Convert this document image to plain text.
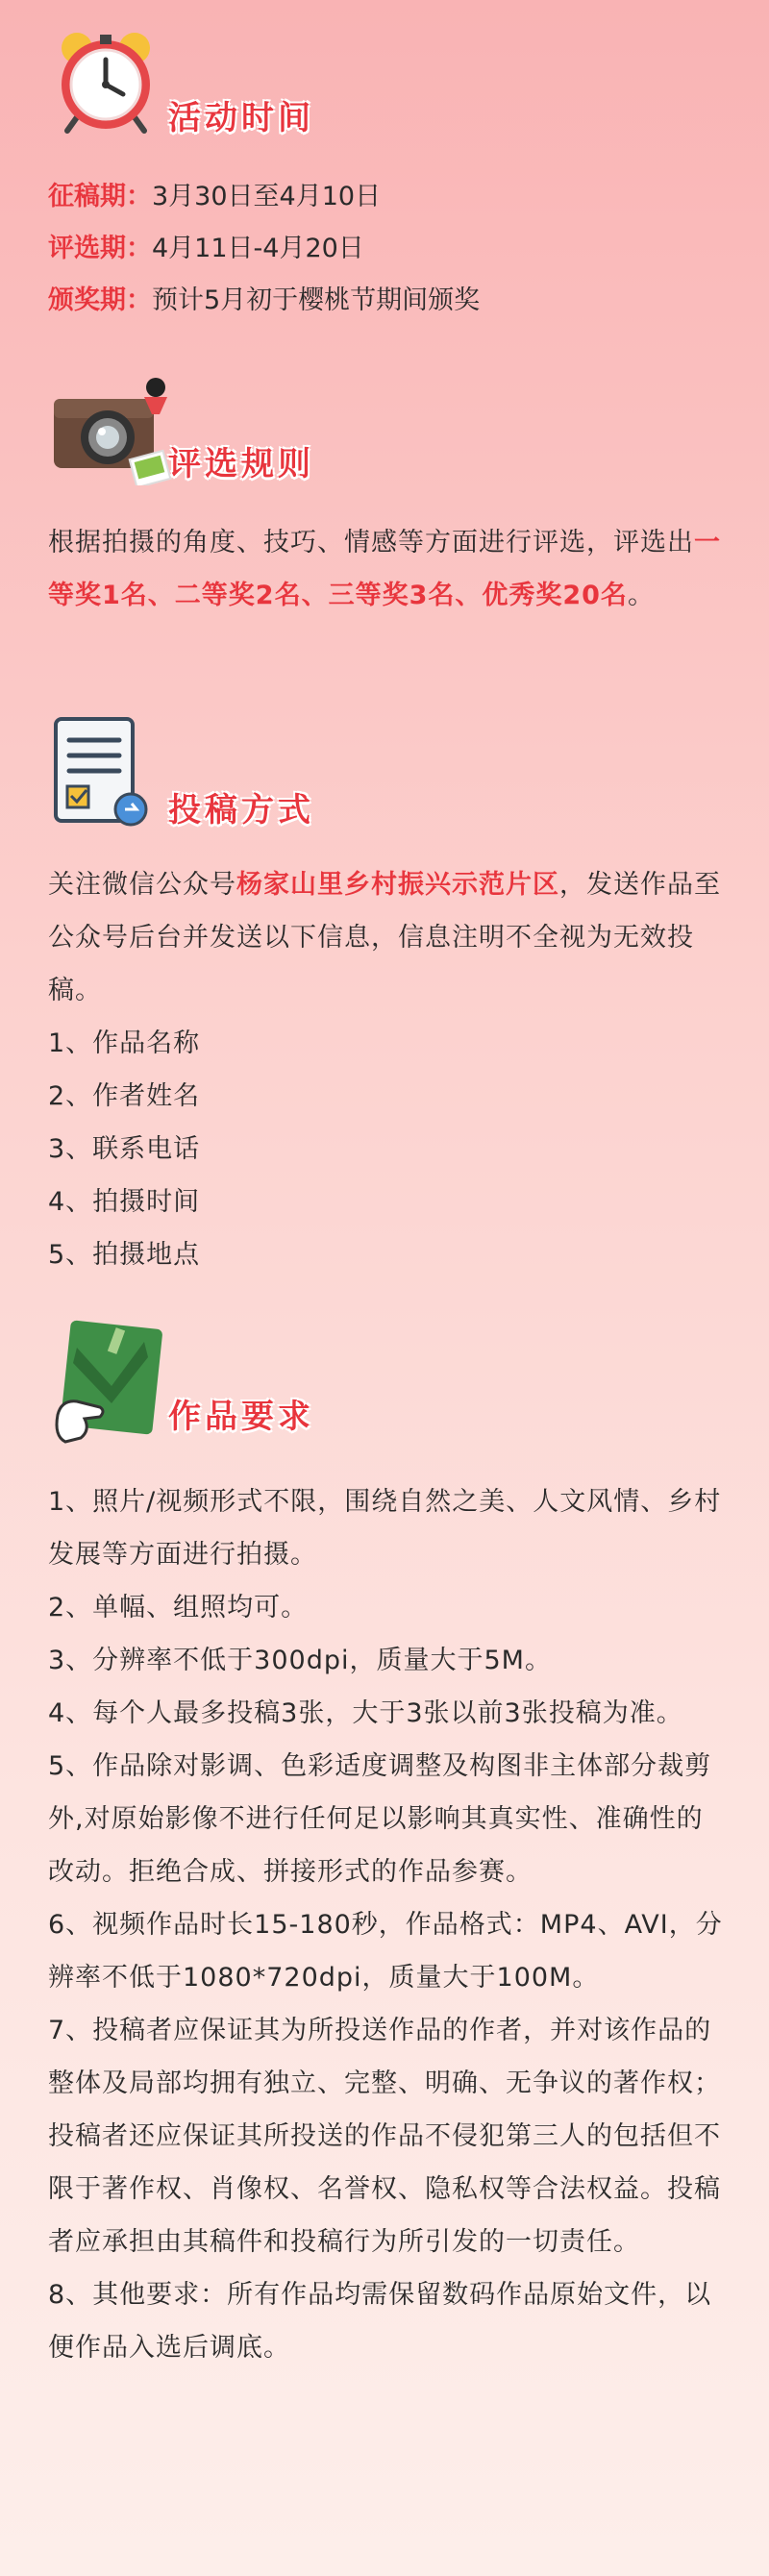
活动时间
征稿期：3月30日至4月10日
评选期：4月11日-4月20日
颁奖期：预计5月初于樱桃节期间颁奖
评选规则
根据拍摄的角度、技巧、情感等方面进行评选，评选出一等奖1名、二等奖2名、三等奖3名、优秀奖20名。
投稿方式
关注微信公众号杨家山里乡村振兴示范片区，发送作品至公众号后台并发送以下信息，信息注明不全视为无效投稿。
1、作品名称
2、作者姓名
3、联系电话
4、拍摄时间
5、拍摄地点
作品要求
1、照片/视频形式不限，围绕自然之美、人文风情、乡村发展等方面进行拍摄。
2、单幅、组照均可。
3、分辨率不低于300dpi，质量大于5M。
4、每个人最多投稿3张，大于3张以前3张投稿为准。
5、作品除对影调、色彩适度调整及构图非主体部分裁剪外,对原始影像不进行任何足以影响其真实性、准确性的改动。拒绝合成、拼接形式的作品参赛。
6、视频作品时长15-180秒，作品格式：MP4、AVI，分辨率不低于1080*720dpi，质量大于100M。
7、投稿者应保证其为所投送作品的作者，并对该作品的整体及局部均拥有独立、完整、明确、无争议的著作权；投稿者还应保证其所投送的作品不侵犯第三人的包括但不限于著作权、肖像权、名誉权、隐私权等合法权益。投稿者应承担由其稿件和投稿行为所引发的一切责任。
8、其他要求：所有作品均需保留数码作品原始文件，以便作品入选后调底。
